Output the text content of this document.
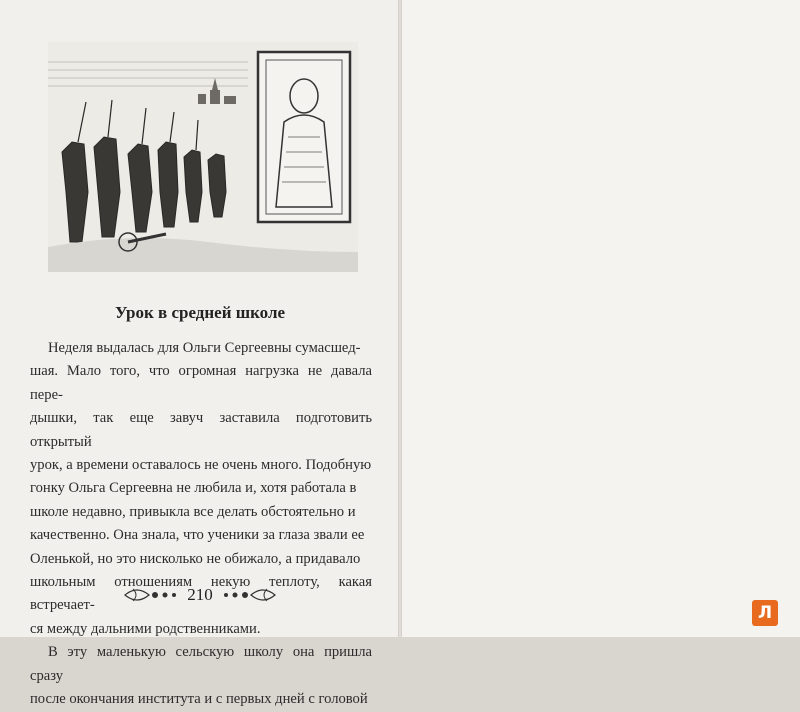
Урок в средней школе

Неделя выдалась для Ольги Сергеевны сумасшед-

шая. Мало того, что огромная нагрузка не давала пере-

дышки, так еще завуч заставила подготовить открытый

урок, а времени оставалось не очень много. Подобную

гонку Ольга Сергеевна не любила и, хотя работала в

школе недавно, привыкла все делать обстоятельно и

качественно. Она знала, что ученики за глаза звали ее

Оленькой, но это нисколько не обижало, а придавало

школьным отношениям некую теплоту, какая встречает-

ся между дальними родственниками.

В эту маленькую сельскую школу она пришла сразу

после окончания института и с первых дней с головой

210

Л
